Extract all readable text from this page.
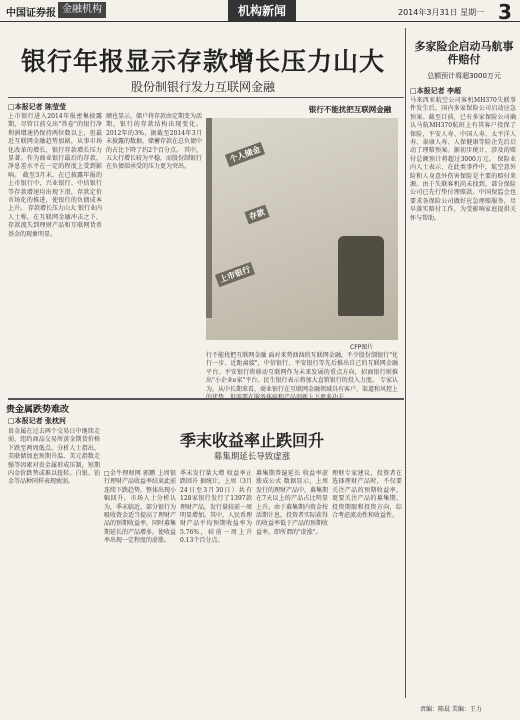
中国证券报 金融机构	机构新闻	2014年3月31日 星期一 3
银行年报显示存款增长压力山大
股份制银行发力互联网金融
□本报记者 陈莹莹
上市银行进入2014年报密集披露期，尽管目前交出"答卷"的银行净利润增速仍保持两位数以上，但最近互联网金融趋势加剧，从事市场化改革的增长，银行存款增长压力显著。作为商业银行最后的存款，净息差水平在一定的程度上受到影响。 截至3月末，在已披露年报的上市银行中，兴业银行、中信银行等存款增速均出现下滑，存款定价市场化的推进，使银行的负债成本上升。 存款增长压力山大 银行业内人士称，在互联网金融冲击之下，存款流失到理财产品和互联网货币基金的现象明显。
额也显示，储户将存款由定期变为活期，银行的存款结构出现变化。2012年的3%，据截至2014年3月末披露的数据，储蓄存款在总负债中的占比下降了约2个百分点。 其中，五大行增长较为平稳，而股份制银行在负债端承受的压力更为突出。
个人储金
存款
上市银行
CFP图片
银行不能扰把互联网金融
行不能扰把互联网金融 面对来势汹汹的互联网金融，不少股份制银行"化行一步、近距离接"，中信银行、平安银行等先后推出自己的互联网金融平台。平安银行将移动互联网作为未来发展的重点方向，招商银行则推出"小企业e家"平台。民生银行表示将加大直销银行的投入力度。 专家认为，从中长期来看，商业银行在互联网金融领域具有客户、渠道和风控上
多家险企启动马航事件赔付
总额预计将超3000万元
□本报记者 李超
马来西亚航空公司客机MH370失联事件发生后，国内多家保险公司启动应急预案。截至目前，已有多家保险公司确认马航MH370航班上有其客户投保了保险，平安人寿、中国人寿、太平洋人寿、泰康人寿、人保健康等险企先后启动了理赔预案。据初步统计，涉及的赔付总额预计将超过3000万元。 保险业内人士表示，在此类事件中，航空意外险和人身意外伤害保险是主要的赔付来源。由于失联客机尚未找到，部分保险公司已先行垫付理赔款。中国保监会也要求各保险公司做好应急理赔服务，尽早落实赔付工作，为受影响家庭提供关怀与帮助。
贵金属跌势难改
□本报记者 张枕河
贵金属在过去两个交易日中继续走弱，纽约商品交易所黄金期货价格下跌至两周低点。分析人士指出，美联储加息预期升温、美元指数走强等因素对贵金属形成压制，短期内金价跌势或难以扭转。白银、铂金等品种同样表现疲弱。
季末收益率止跌回升
募集期延长导致虚涨
□金牛理财网 郭鹏 上周银行理财产品收益率结束此前连续下跌趋势，整体出现小幅回升。市场人士分析认为，季末临近，部分银行为吸收资金适当提高了理财产品的预期收益率，同时募集期延长的产品增多，使收益率出现一定程度的虚涨。
季末发行量大增 收益率止跌回升 据统计，上周（3月24日至3月30日）共有128家银行发行了1397款理财产品，发行量较前一周明显增加。其中，人民币理财产品平均预期收益率为5.76%，较前一周上升0.13个百分点。
募集期普遍延长 收益率虚涨成公式 数据显示，上周发行的理财产品中，募集期在7天以上的产品占比明显上升。由于募集期内资金按活期计息，投资者实际获得的收益率低于产品的预期收益率，即所谓的"虚涨"。
理财专家建议，投资者在选择理财产品时，不仅要关注产品的预期收益率，更要关注产品的募集期、投资期限和投资方向，综合考虑流动性和收益性。
责编：陈晨 美编：王力
